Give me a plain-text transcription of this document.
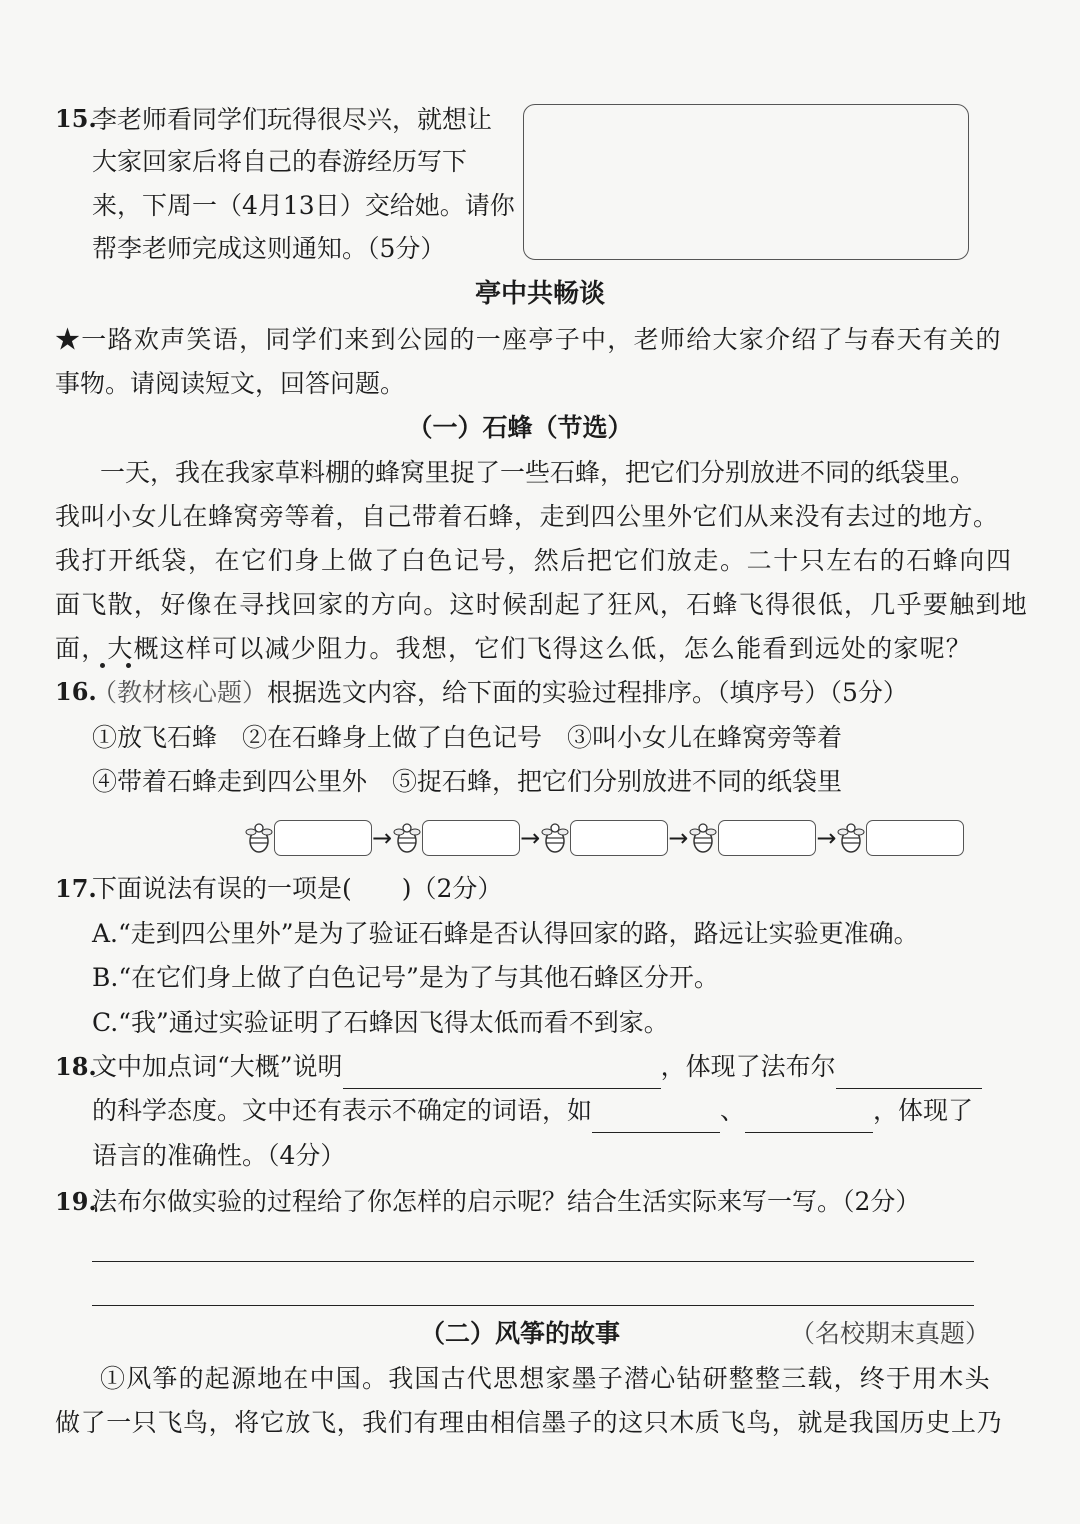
15.
李老师看同学们玩得很尽兴，就想让
大家回家后将自己的春游经历写下
来，下周一（4月13日）交给她。请你
帮李老师完成这则通知。（5分）
亭中共畅谈
★一路欢声笑语，同学们来到公园的一座亭子中，老师给大家介绍了与春天有关的
事物。请阅读短文，回答问题。
（一）石蜂（节选）
一天，我在我家草料棚的蜂窝里捉了一些石蜂，把它们分别放进不同的纸袋里。
我叫小女儿在蜂窝旁等着，自己带着石蜂，走到四公里外它们从来没有去过的地方。
我打开纸袋，在它们身上做了白色记号，然后把它们放走。二十只左右的石蜂向四
面飞散，好像在寻找回家的方向。这时候刮起了狂风，石蜂飞得很低，几乎要触到地
面，大概这样可以减少阻力。我想，它们飞得这么低，怎么能看到远处的家呢？
16.
（教材核心题）根据选文内容，给下面的实验过程排序。（填序号）（5分）
①放飞石蜂　②在石蜂身上做了白色记号　③叫小女儿在蜂窝旁等着
④带着石蜂走到四公里外　⑤捉石蜂，把它们分别放进不同的纸袋里
→	→	→	→
17.
下面说法有误的一项是(　　)（2分）
A.“走到四公里外”是为了验证石蜂是否认得回家的路，路远让实验更准确。
B.“在它们身上做了白色记号”是为了与其他石蜂区分开。
C.“我”通过实验证明了石蜂因飞得太低而看不到家。
18.
文中加点词“大概”说明	，体现了法布尔
的科学态度。文中还有表示不确定的词语，如	、	，体现了
语言的准确性。（4分）
19.
法布尔做实验的过程给了你怎样的启示呢？结合生活实际来写一写。（2分）
（二）风筝的故事	（名校期末真题）
①风筝的起源地在中国。我国古代思想家墨子潜心钻研整整三载，终于用木头
做了一只飞鸟，将它放飞，我们有理由相信墨子的这只木质飞鸟，就是我国历史上乃
